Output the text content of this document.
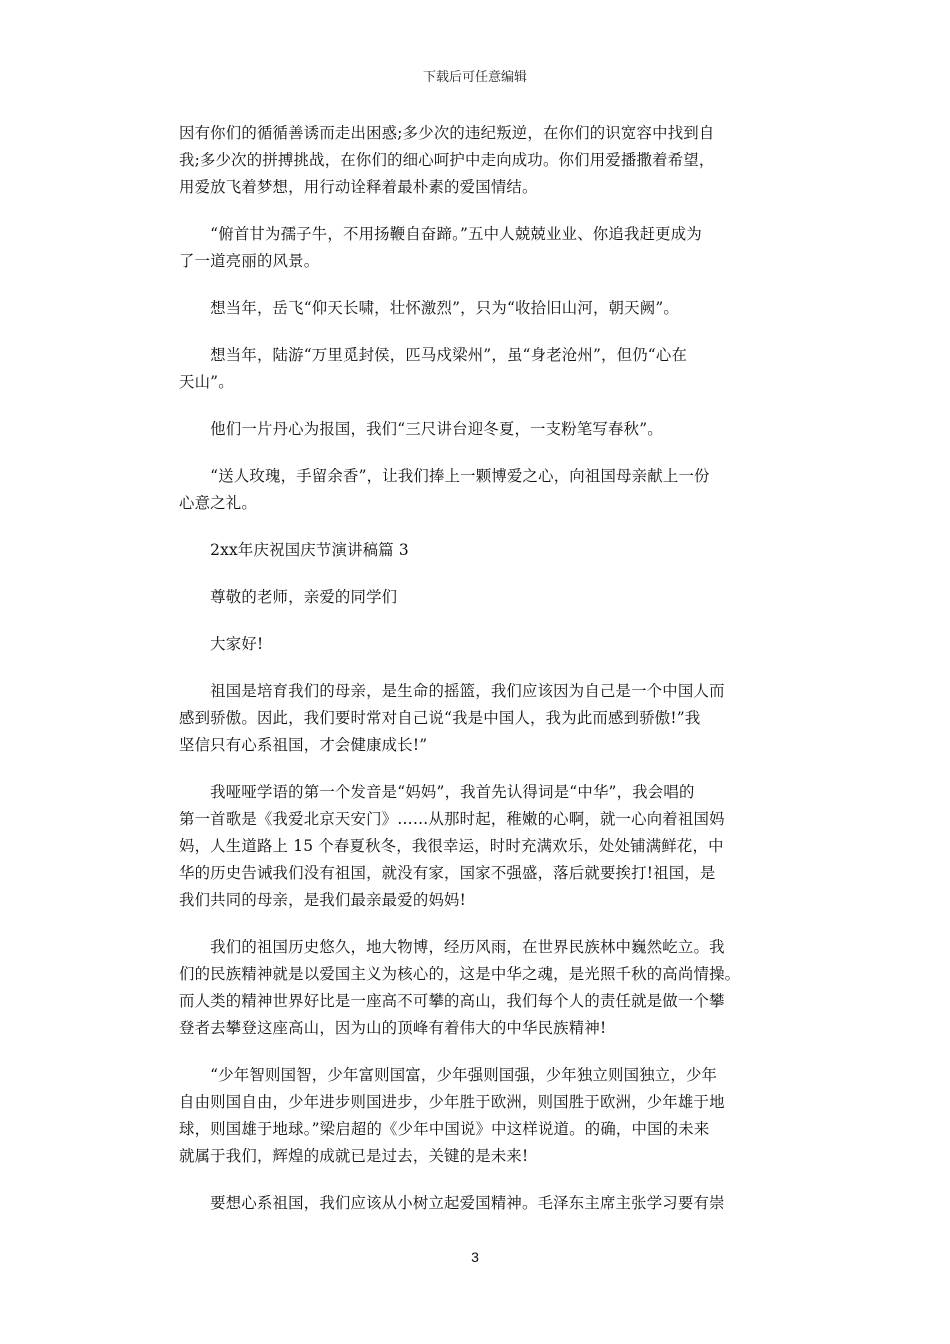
下载后可任意编辑

因有你们的循循善诱而走出困惑;多少次的违纪叛逆，在你们的识宽容中找到自
我;多少次的拼搏挑战，在你们的细心呵护中走向成功。你们用爱播撒着希望，
用爱放飞着梦想，用行动诠释着最朴素的爱国情结。

　　“俯首甘为孺子牛，不用扬鞭自奋蹄。”五中人兢兢业业、你追我赶更成为
了一道亮丽的风景。

　　想当年，岳飞“仰天长啸，壮怀激烈”，只为“收拾旧山河，朝天阙”。

　　想当年，陆游“万里觅封侯，匹马戍梁州”，虽“身老沧州”，但仍“心在
天山”。

　　他们一片丹心为报国，我们“三尺讲台迎冬夏，一支粉笔写春秋”。

　　“送人玫瑰，手留余香”，让我们捧上一颗博爱之心，向祖国母亲献上一份
心意之礼。

　　2xx年庆祝国庆节演讲稿篇 3

　　尊敬的老师，亲爱的同学们

　　大家好!

　　祖国是培育我们的母亲，是生命的摇篮，我们应该因为自己是一个中国人而
感到骄傲。因此，我们要时常对自己说“我是中国人，我为此而感到骄傲!”我
坚信只有心系祖国，才会健康成长!”

　　我哑哑学语的第一个发音是“妈妈”，我首先认得词是“中华”，我会唱的
第一首歌是《我爱北京天安门》……从那时起，稚嫩的心啊，就一心向着祖国妈
妈，人生道路上 15 个春夏秋冬，我很幸运，时时充满欢乐，处处铺满鲜花，中
华的历史告诫我们没有祖国，就没有家，国家不强盛，落后就要挨打!祖国，是
我们共同的母亲，是我们最亲最爱的妈妈!

　　我们的祖国历史悠久，地大物博，经历风雨，在世界民族林中巍然屹立。我
们的民族精神就是以爱国主义为核心的，这是中华之魂，是光照千秋的高尚情操。
而人类的精神世界好比是一座高不可攀的高山，我们每个人的责任就是做一个攀
登者去攀登这座高山，因为山的顶峰有着伟大的中华民族精神!

　　“少年智则国智，少年富则国富，少年强则国强，少年独立则国独立，少年
自由则国自由，少年进步则国进步，少年胜于欧洲，则国胜于欧洲，少年雄于地
球，则国雄于地球。”梁启超的《少年中国说》中这样说道。的确，中国的未来
就属于我们，辉煌的成就已是过去，关键的是未来!

　　要想心系祖国，我们应该从小树立起爱国精神。毛泽东主席主张学习要有崇

3
